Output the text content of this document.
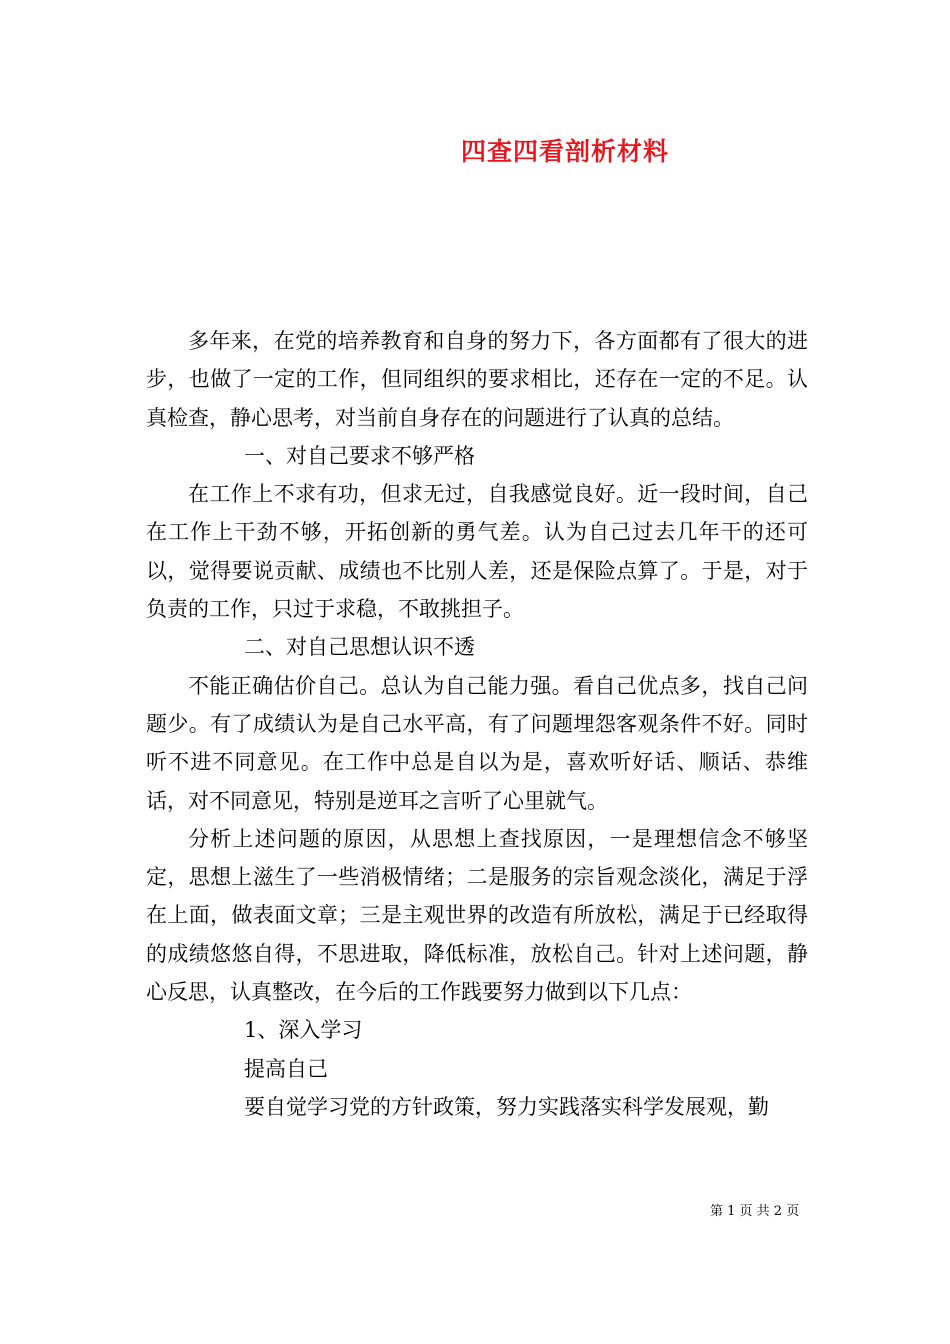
四查四看剖析材料

多年来，在党的培养教育和自身的努力下，各方面都有了很大的进步，也做了一定的工作，但同组织的要求相比，还存在一定的不足。认真检查，静心思考，对当前自身存在的问题进行了认真的总结。

一、对自己要求不够严格

在工作上不求有功，但求无过，自我感觉良好。近一段时间，自己在工作上干劲不够，开拓创新的勇气差。认为自己过去几年干的还可以，觉得要说贡献、成绩也不比别人差，还是保险点算了。于是，对于负责的工作，只过于求稳，不敢挑担子。

二、对自己思想认识不透

不能正确估价自己。总认为自己能力强。看自己优点多，找自己问题少。有了成绩认为是自己水平高，有了问题埋怨客观条件不好。同时听不进不同意见。在工作中总是自以为是，喜欢听好话、顺话、恭维话，对不同意见，特别是逆耳之言听了心里就气。

分析上述问题的原因，从思想上查找原因，一是理想信念不够坚定，思想上滋生了一些消极情绪；二是服务的宗旨观念淡化，满足于浮在上面，做表面文章；三是主观世界的改造有所放松，满足于已经取得的成绩悠悠自得，不思进取，降低标准，放松自己。针对上述问题，静心反思，认真整改，在今后的工作践要努力做到以下几点：

1、深入学习

提高自己

要自觉学习党的方针政策，努力实践落实科学发展观，勤

第 1 页 共 2 页
